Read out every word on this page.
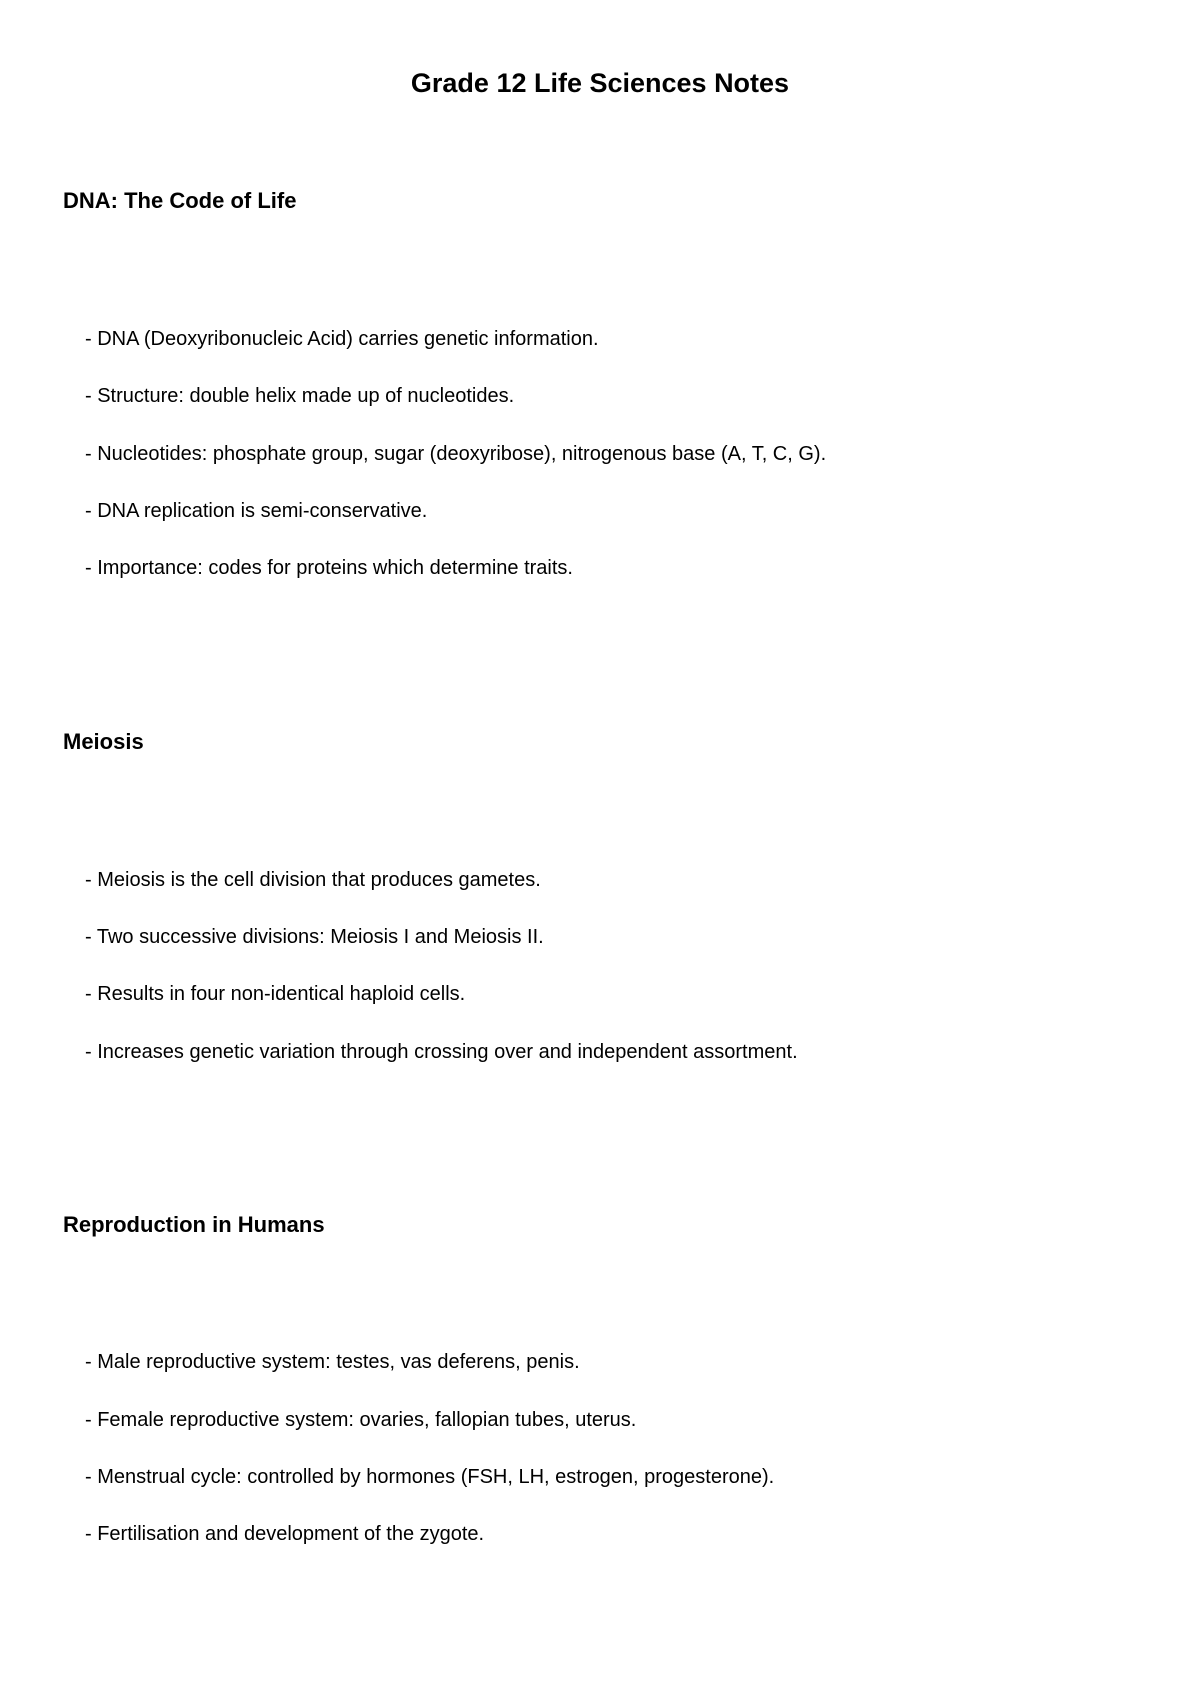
Grade 12 Life Sciences Notes
DNA: The Code of Life

- DNA (Deoxyribonucleic Acid) carries genetic information.

- Structure: double helix made up of nucleotides.

- Nucleotides: phosphate group, sugar (deoxyribose), nitrogenous base (A, T, C, G).

- DNA replication is semi-conservative.

- Importance: codes for proteins which determine traits.

Meiosis

- Meiosis is the cell division that produces gametes.

- Two successive divisions: Meiosis I and Meiosis II.

- Results in four non-identical haploid cells.

- Increases genetic variation through crossing over and independent assortment.

Reproduction in Humans

- Male reproductive system: testes, vas deferens, penis.

- Female reproductive system: ovaries, fallopian tubes, uterus.

- Menstrual cycle: controlled by hormones (FSH, LH, estrogen, progesterone).

- Fertilisation and development of the zygote.
